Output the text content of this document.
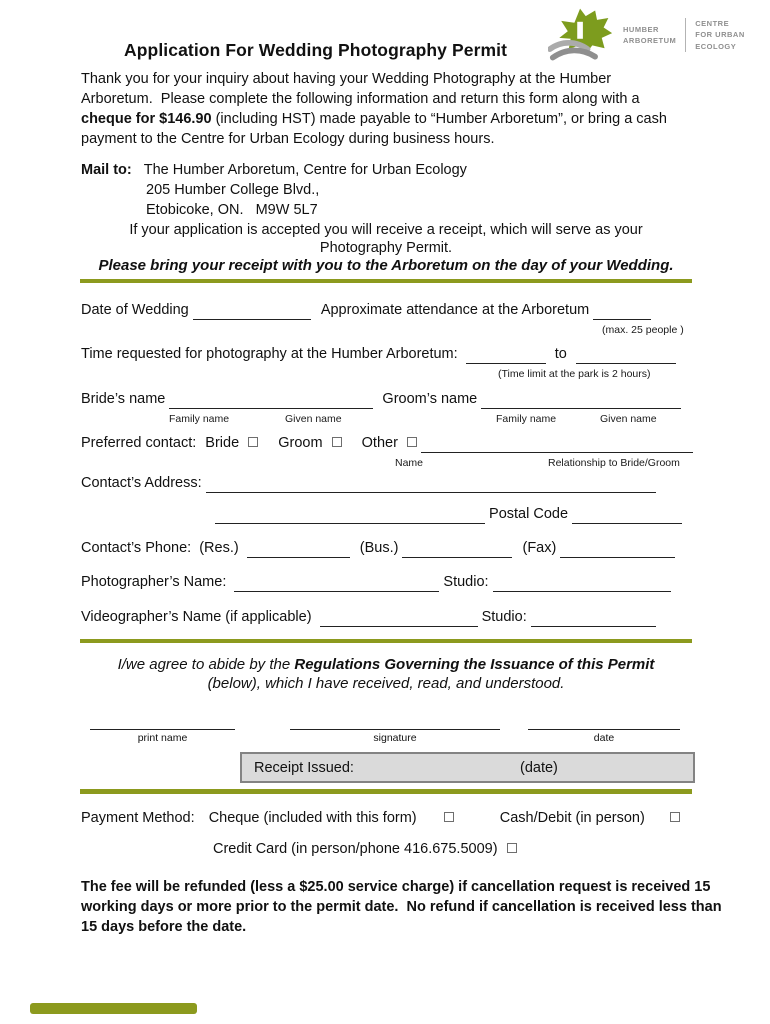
Application For Wedding Photography Permit
HUMBER
ARBORETUM
CENTRE
FOR URBAN
ECOLOGY

Thank you for your inquiry about having your Wedding Photography at the Humber Arboretum.  Please complete the following information and return this form along with a cheque for $146.90 (including HST) made payable to “Humber Arboretum”, or bring a cash payment to the Centre for Urban Ecology during business hours.

Mail to: The Humber Arboretum, Centre for Urban Ecology
205 Humber College Blvd.,
Etobicoke, ON.   M9W 5L7
If your application is accepted you will receive a receipt, which will serve as your
Photography Permit.
Please bring your receipt with you to the Arboretum on the day of your Wedding.
Date of Wedding	Approximate attendance at the Arboretum
(max. 25 people )
Time requested for photography at the Humber Arboretum:	to
(Time limit at the park is 2 hours)
Bride’s name	Groom’s name
Family name	Given name	Family name	Given name
Preferred contact: Bride	Groom	Other
Name	Relationship to Bride/Groom
Contact’s Address:
Postal Code
Contact’s Phone: (Res.)	(Bus.)	(Fax)
Photographer’s Name:	Studio:
Videographer’s Name (if applicable)	Studio:
I/we agree to abide by the Regulations Governing the Issuance of this Permit
(below), which I have received, read, and understood.
print name	signature	date
Receipt Issued:	(date)
Payment Method: Cheque (included with this form)	Cash/Debit (in person)
Credit Card (in person/phone 416.675.5009)

The fee will be refunded (less a $25.00 service charge) if cancellation request is received 15 working days or more prior to the permit date.  No refund if cancellation is received less than 15 days before the date.
